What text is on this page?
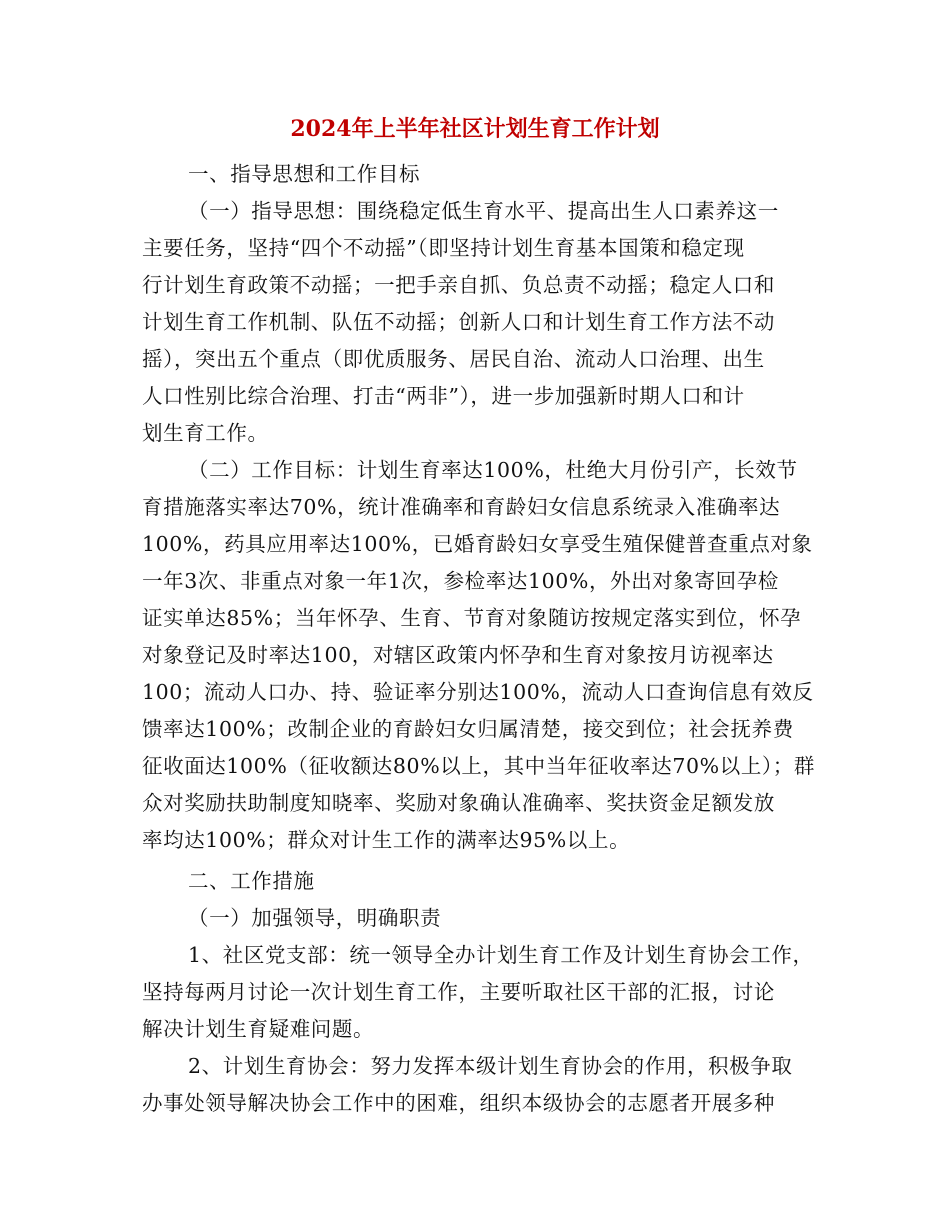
2024年上半年社区计划生育工作计划
一、指导思想和工作目标
（一）指导思想：围绕稳定低生育水平、提高出生人口素养这一
主要任务，坚持“四个不动摇”（即坚持计划生育基本国策和稳定现
行计划生育政策不动摇；一把手亲自抓、负总责不动摇；稳定人口和
计划生育工作机制、队伍不动摇；创新人口和计划生育工作方法不动
摇），突出五个重点（即优质服务、居民自治、流动人口治理、出生
人口性别比综合治理、打击“两非”），进一步加强新时期人口和计
划生育工作。
（二）工作目标：计划生育率达100%，杜绝大月份引产，长效节
育措施落实率达70%，统计准确率和育龄妇女信息系统录入准确率达
100%，药具应用率达100%，已婚育龄妇女享受生殖保健普查重点对象
一年3次、非重点对象一年1次，参检率达100%，外出对象寄回孕检
证实单达85%；当年怀孕、生育、节育对象随访按规定落实到位，怀孕
对象登记及时率达100，对辖区政策内怀孕和生育对象按月访视率达
100；流动人口办、持、验证率分别达100%，流动人口查询信息有效反
馈率达100%；改制企业的育龄妇女归属清楚，接交到位；社会抚养费
征收面达100%（征收额达80%以上，其中当年征收率达70%以上）；群
众对奖励扶助制度知晓率、奖励对象确认准确率、奖扶资金足额发放
率均达100%；群众对计生工作的满率达95%以上。
二、工作措施
（一）加强领导，明确职责
1、社区党支部：统一领导全办计划生育工作及计划生育协会工作，
坚持每两月讨论一次计划生育工作，主要听取社区干部的汇报，讨论
解决计划生育疑难问题。
2、计划生育协会：努力发挥本级计划生育协会的作用，积极争取
办事处领导解决协会工作中的困难，组织本级协会的志愿者开展多种
